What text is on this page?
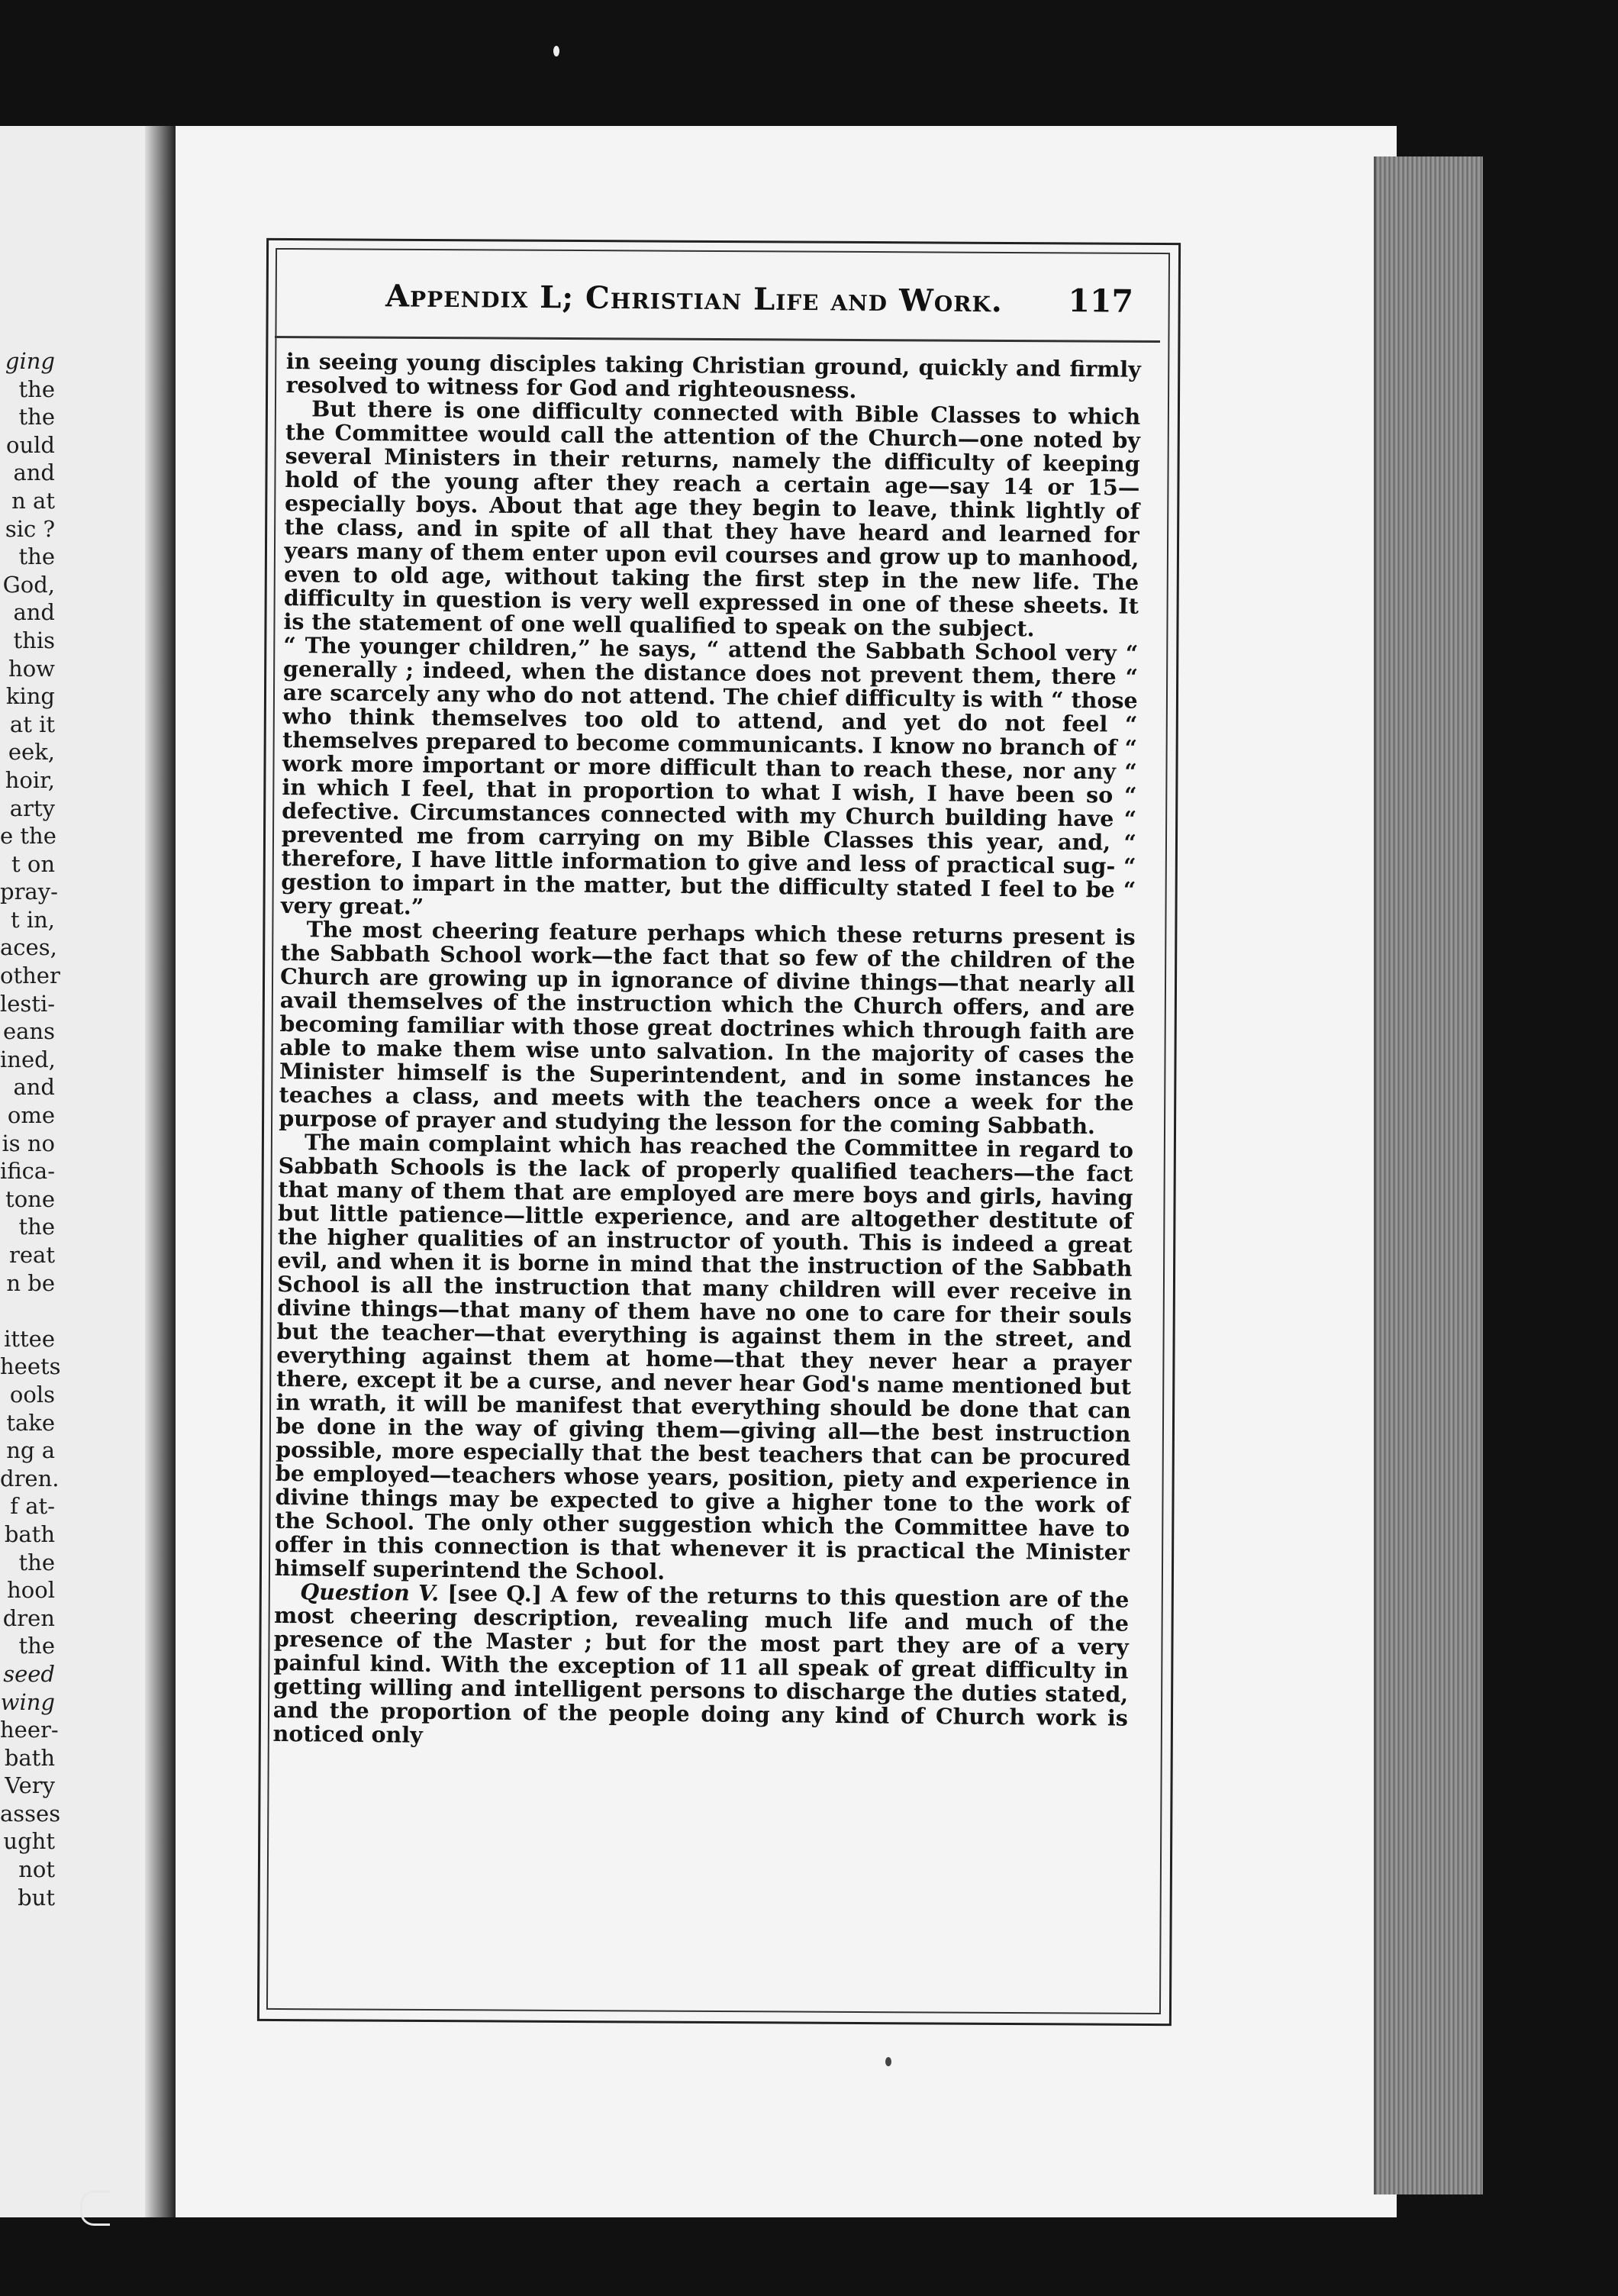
ging
the
the
ould
and
n at
sic ?
the
God,
and
this
how
king
at it
eek,
hoir,
arty
e the
t on
pray-
t in,
aces,
other
lesti-
eans
ined,
and
ome
is no
ifica-
tone
the
reat
n be
ittee
heets
ools
take
ng a
dren.
f at-
bath
the
hool
dren
the
seed
wing
heer-
bath
Very
asses
ught
not
but
Appendix L; Christian Life and Work. 117

in seeing young disciples taking Christian ground, quickly and firmly resolved to witness for God and righteousness.

But there is one difficulty connected with Bible Classes to which the Committee would call the attention of the Church—one noted by several Ministers in their returns, namely the difficulty of keeping hold of the young after they reach a certain age—say 14 or 15—especially boys. About that age they begin to leave, think lightly of the class, and in spite of all that they have heard and learned for years many of them enter upon evil courses and grow up to manhood, even to old age, without taking the first step in the new life. The difficulty in question is very well expressed in one of these sheets. It is the statement of one well qualified to speak on the subject.

“ The younger children,” he says, “ attend the Sabbath School very “ generally ; indeed, when the distance does not prevent them, there “ are scarcely any who do not attend. The chief difficulty is with “ those who think themselves too old to attend, and yet do not feel “ themselves prepared to become communicants. I know no branch of “ work more important or more difficult than to reach these, nor any “ in which I feel, that in proportion to what I wish, I have been so “ defective. Circumstances connected with my Church building have “ prevented me from carrying on my Bible Classes this year, and, “ therefore, I have little information to give and less of practical sug- “ gestion to impart in the matter, but the difficulty stated I feel to be “ very great.”

The most cheering feature perhaps which these returns present is the Sabbath School work—the fact that so few of the children of the Church are growing up in ignorance of divine things—that nearly all avail themselves of the instruction which the Church offers, and are becoming familiar with those great doctrines which through faith are able to make them wise unto salvation. In the majority of cases the Minister himself is the Superintendent, and in some instances he teaches a class, and meets with the teachers once a week for the purpose of prayer and studying the lesson for the coming Sabbath.

The main complaint which has reached the Committee in regard to Sabbath Schools is the lack of properly qualified teachers—the fact that many of them that are employed are mere boys and girls, having but little patience—little experience, and are altogether destitute of the higher qualities of an instructor of youth. This is indeed a great evil, and when it is borne in mind that the instruction of the Sabbath School is all the instruction that many children will ever receive in divine things—that many of them have no one to care for their souls but the teacher—that everything is against them in the street, and everything against them at home—that they never hear a prayer there, except it be a curse, and never hear God's name mentioned but in wrath, it will be manifest that everything should be done that can be done in the way of giving them—giving all—the best instruction possible, more especially that the best teachers that can be procured be employed—teachers whose years, position, piety and experience in divine things may be expected to give a higher tone to the work of the School. The only other suggestion which the Committee have to offer in this connection is that whenever it is practical the Minister himself superintend the School.

Question V. [see Q.] A few of the returns to this question are of the most cheering description, revealing much life and much of the presence of the Master ; but for the most part they are of a very painful kind. With the exception of 11 all speak of great difficulty in getting willing and intelligent persons to discharge the duties stated, and the proportion of the people doing any kind of Church work is noticed only
